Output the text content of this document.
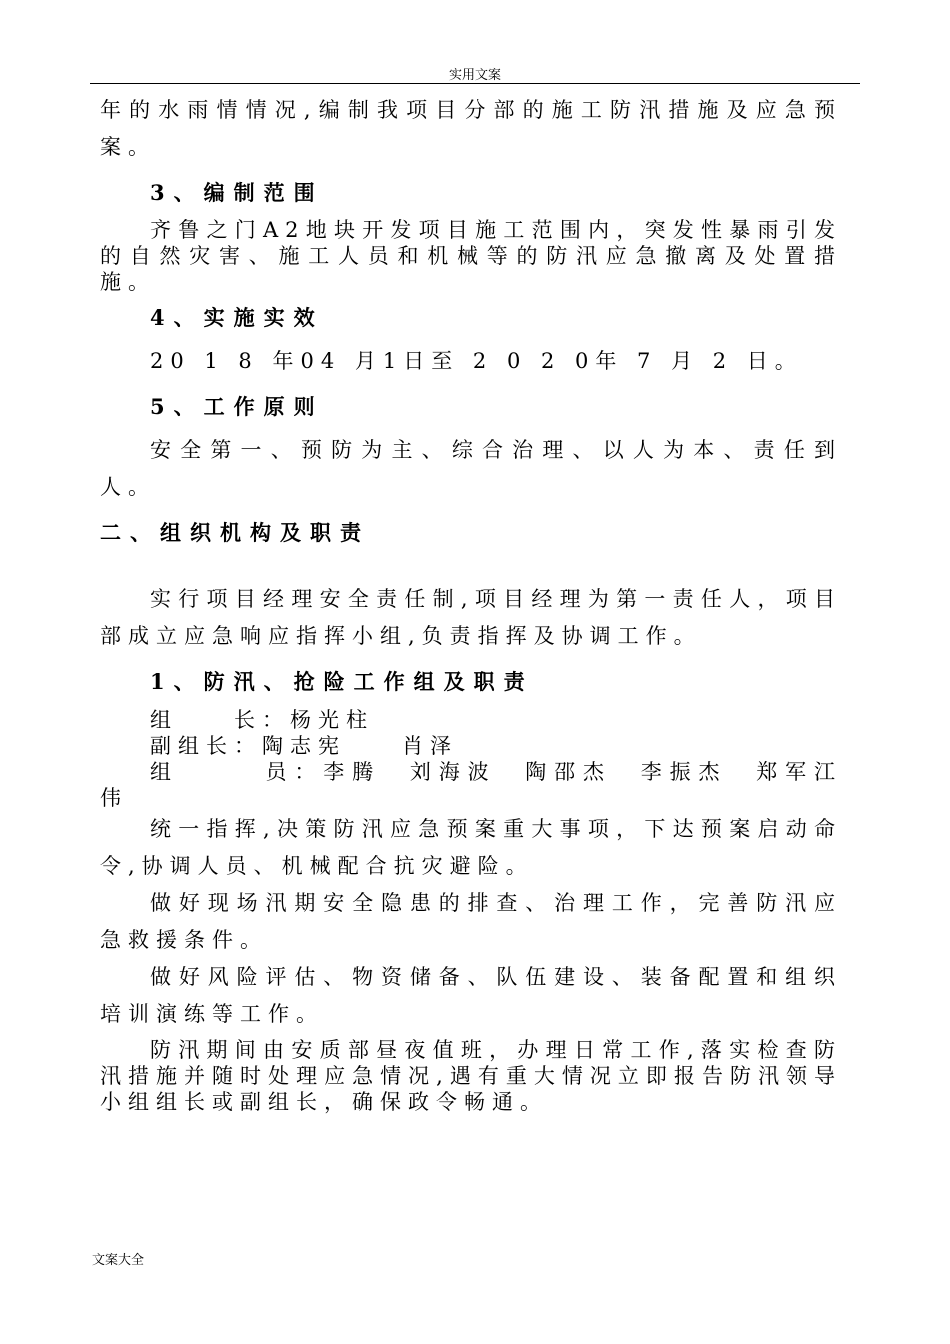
实用文案

年的水雨情情况,编制我项目分部的施工防汛措施及应急预案。

3、编制范围

齐鲁之门A2地块开发项目施工范围内，突发性暴雨引发的自然灾害、施工人员和机械等的防汛应急撤离及处置措施。

4、实施实效

20 1 8 年04 月1日至 2 0 2 0年 7 月 2 日。

5、工作原则

安全第一、预防为主、综合治理、以人为本、责任到人。

二、组织机构及职责

实行项目经理安全责任制,项目经理为第一责任人，项目部成立应急响应指挥小组,负责指挥及协调工作。

1、防汛、抢险工作组及职责

组　　长：杨光柱

副组长：陶志宪　　肖泽

组　　　员：李腾　刘海波　陶邵杰　李振杰　郑军江伟

统一指挥,决策防汛应急预案重大事项，下达预案启动命令,协调人员、机械配合抗灾避险。

做好现场汛期安全隐患的排查、治理工作，完善防汛应急救援条件。

做好风险评估、物资储备、队伍建设、装备配置和组织培训演练等工作。

防汛期间由安质部昼夜值班，办理日常工作,落实检查防汛措施并随时处理应急情况,遇有重大情况立即报告防汛领导小组组长或副组长，确保政令畅通。

文案大全
